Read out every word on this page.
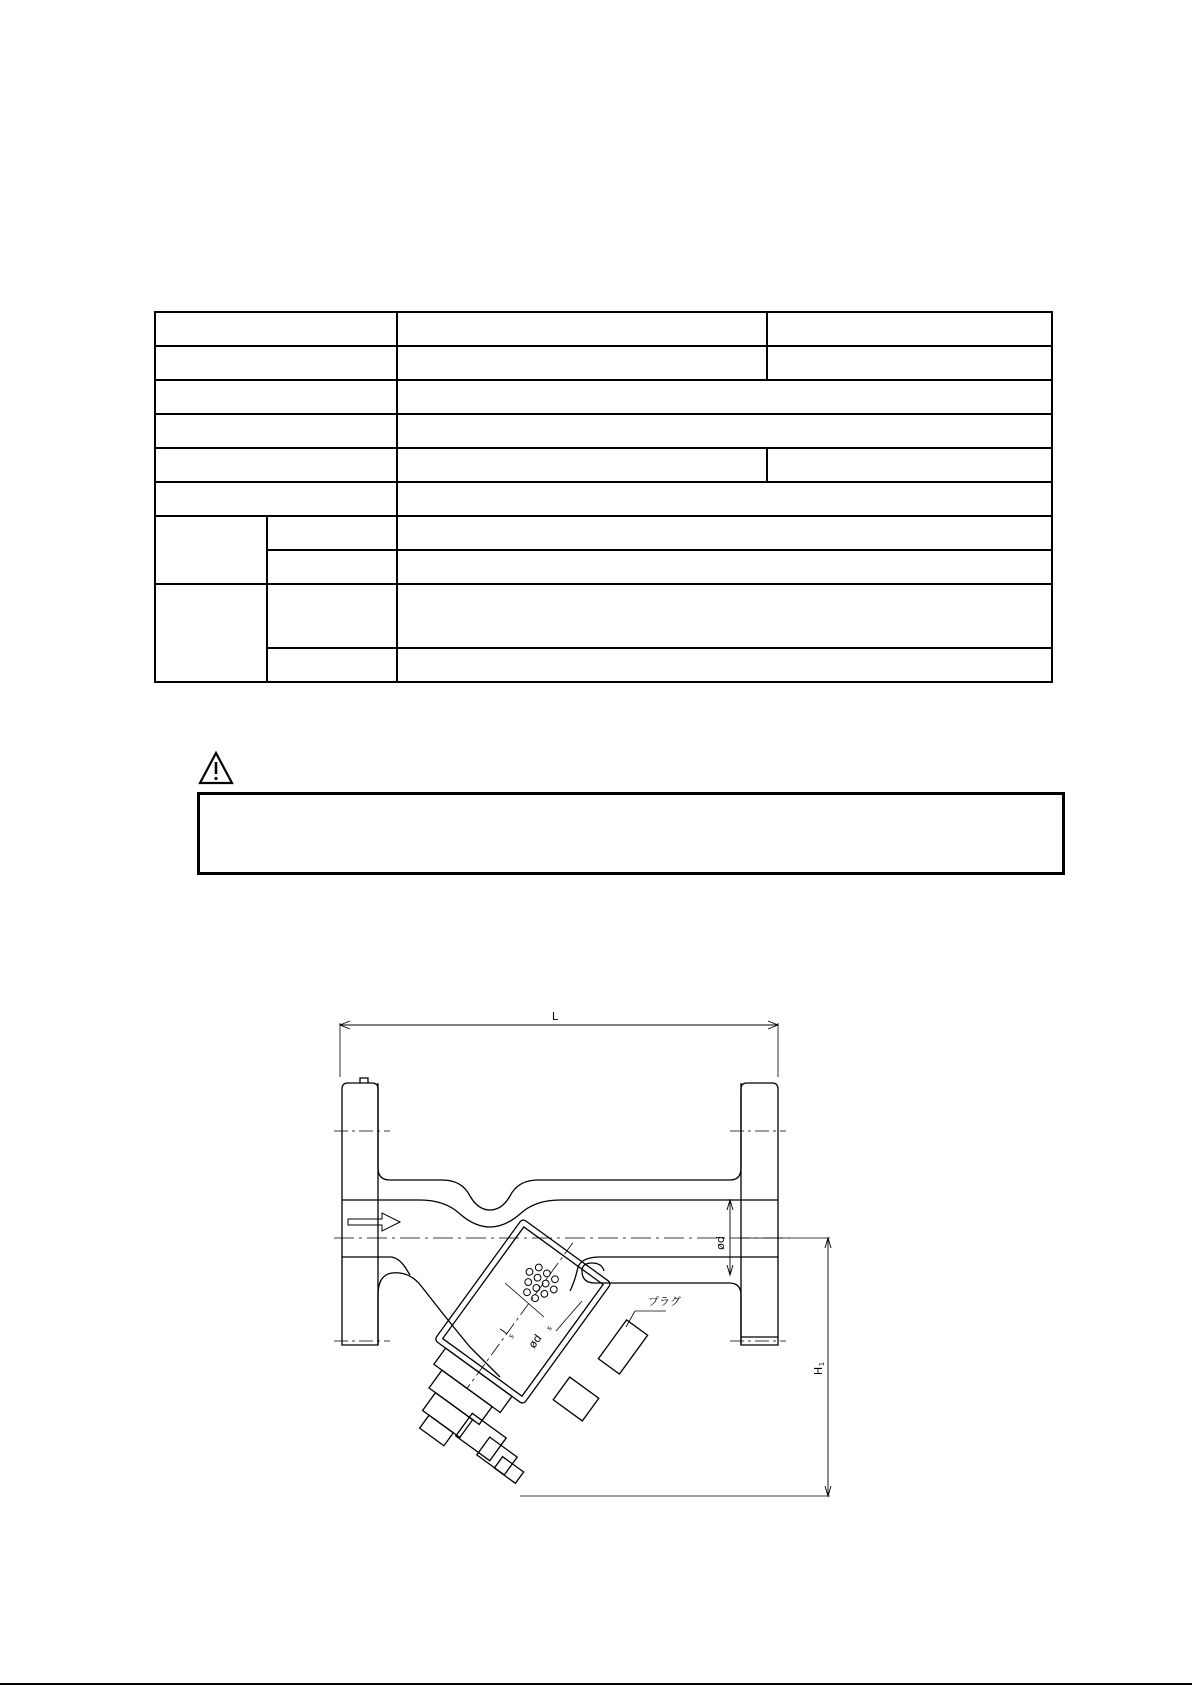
L
ød
H
1
l
s ød
s
プラグ
